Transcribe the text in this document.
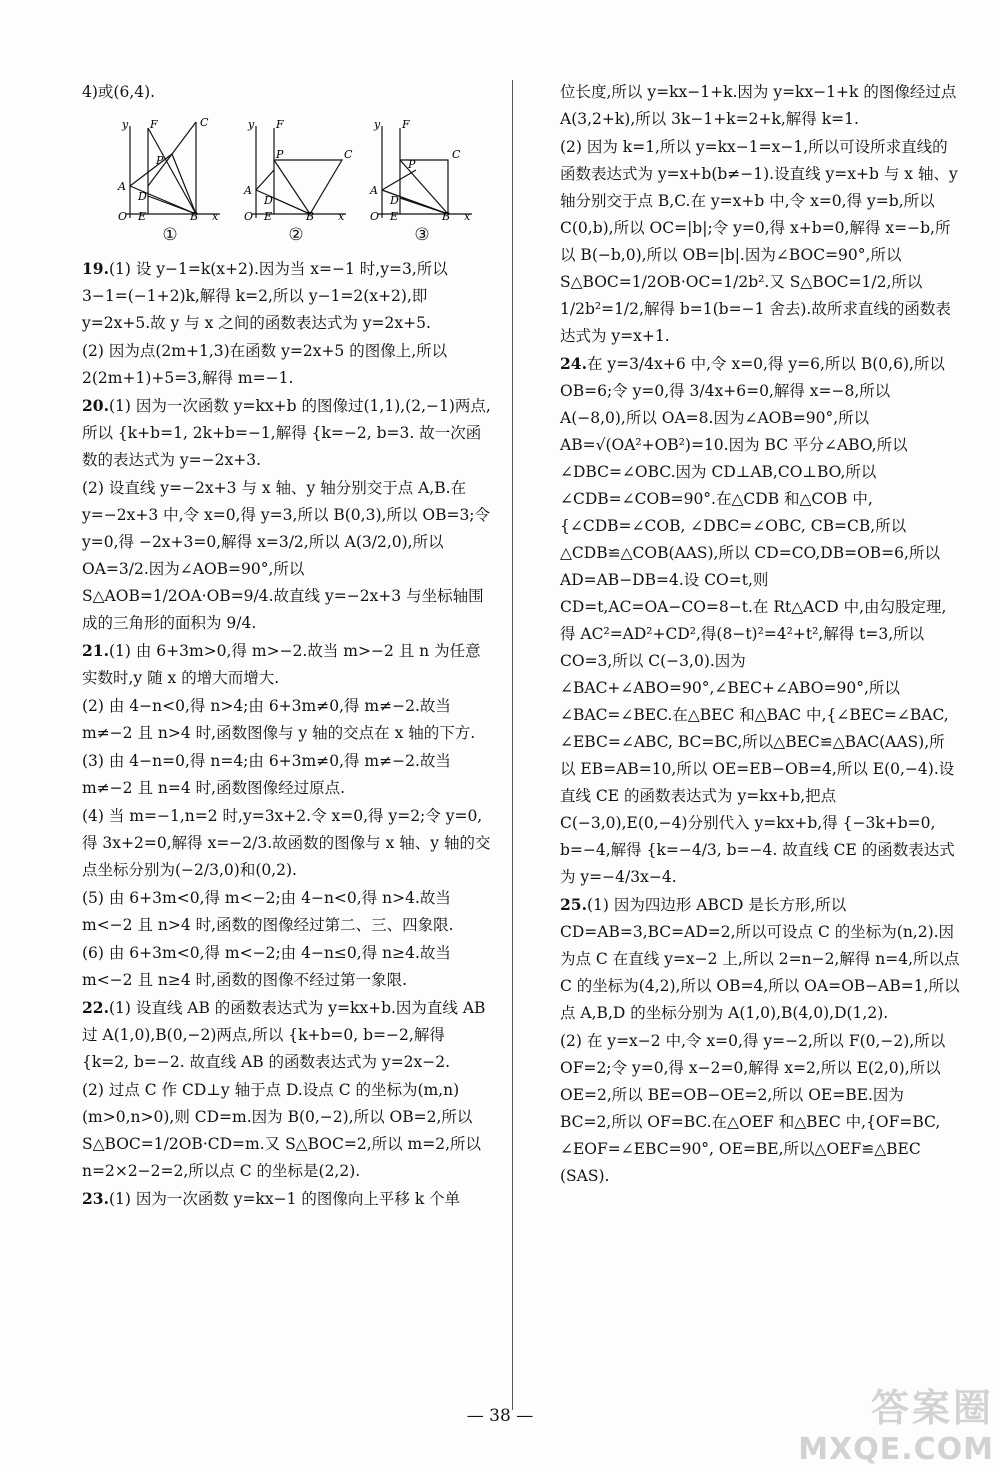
4)或(6,4).

y F	C
P
A
D
O E	B x
①
y F
C
P
A
D
O E	B x
②
y F
C
P
A
D
O E	B x
③

19.(1) 设 y−1=k(x+2).因为当 x=−1 时,y=3,所以 3−1=(−1+2)k,解得 k=2,所以 y−1=2(x+2),即 y=2x+5.故 y 与 x 之间的函数表达式为 y=2x+5.

(2) 因为点(2m+1,3)在函数 y=2x+5 的图像上,所以 2(2m+1)+5=3,解得 m=−1.

20.(1) 因为一次函数 y=kx+b 的图像过(1,1),(2,−1)两点,所以 {k+b=1, 2k+b=−1,解得 {k=−2, b=3. 故一次函数的表达式为 y=−2x+3.

(2) 设直线 y=−2x+3 与 x 轴、y 轴分别交于点 A,B.在 y=−2x+3 中,令 x=0,得 y=3,所以 B(0,3),所以 OB=3;令 y=0,得 −2x+3=0,解得 x=3/2,所以 A(3/2,0),所以 OA=3/2.因为∠AOB=90°,所以 S△AOB=1/2OA·OB=9/4.故直线 y=−2x+3 与坐标轴围成的三角形的面积为 9/4.

21.(1) 由 6+3m>0,得 m>−2.故当 m>−2 且 n 为任意实数时,y 随 x 的增大而增大.

(2) 由 4−n<0,得 n>4;由 6+3m≠0,得 m≠−2.故当 m≠−2 且 n>4 时,函数图像与 y 轴的交点在 x 轴的下方.

(3) 由 4−n=0,得 n=4;由 6+3m≠0,得 m≠−2.故当 m≠−2 且 n=4 时,函数图像经过原点.

(4) 当 m=−1,n=2 时,y=3x+2.令 x=0,得 y=2;令 y=0,得 3x+2=0,解得 x=−2/3.故函数的图像与 x 轴、y 轴的交点坐标分别为(−2/3,0)和(0,2).

(5) 由 6+3m<0,得 m<−2;由 4−n<0,得 n>4.故当 m<−2 且 n>4 时,函数的图像经过第二、三、四象限.

(6) 由 6+3m<0,得 m<−2;由 4−n≤0,得 n≥4.故当 m<−2 且 n≥4 时,函数的图像不经过第一象限.

22.(1) 设直线 AB 的函数表达式为 y=kx+b.因为直线 AB 过 A(1,0),B(0,−2)两点,所以 {k+b=0, b=−2,解得 {k=2, b=−2. 故直线 AB 的函数表达式为 y=2x−2.

(2) 过点 C 作 CD⊥y 轴于点 D.设点 C 的坐标为(m,n)(m>0,n>0),则 CD=m.因为 B(0,−2),所以 OB=2,所以 S△BOC=1/2OB·CD=m.又 S△BOC=2,所以 m=2,所以 n=2×2−2=2,所以点 C 的坐标是(2,2).

23.(1) 因为一次函数 y=kx−1 的图像向上平移 k 个单

位长度,所以 y=kx−1+k.因为 y=kx−1+k 的图像经过点 A(3,2+k),所以 3k−1+k=2+k,解得 k=1.

(2) 因为 k=1,所以 y=kx−1=x−1,所以可设所求直线的函数表达式为 y=x+b(b≠−1).设直线 y=x+b 与 x 轴、y 轴分别交于点 B,C.在 y=x+b 中,令 x=0,得 y=b,所以 C(0,b),所以 OC=|b|;令 y=0,得 x+b=0,解得 x=−b,所以 B(−b,0),所以 OB=|b|.因为∠BOC=90°,所以 S△BOC=1/2OB·OC=1/2b².又 S△BOC=1/2,所以 1/2b²=1/2,解得 b=1(b=−1 舍去).故所求直线的函数表达式为 y=x+1.

24.在 y=3/4x+6 中,令 x=0,得 y=6,所以 B(0,6),所以 OB=6;令 y=0,得 3/4x+6=0,解得 x=−8,所以 A(−8,0),所以 OA=8.因为∠AOB=90°,所以 AB=√(OA²+OB²)=10.因为 BC 平分∠ABO,所以∠DBC=∠OBC.因为 CD⊥AB,CO⊥BO,所以∠CDB=∠COB=90°.在△CDB 和△COB 中,{∠CDB=∠COB, ∠DBC=∠OBC, CB=CB,所以△CDB≌△COB(AAS),所以 CD=CO,DB=OB=6,所以 AD=AB−DB=4.设 CO=t,则 CD=t,AC=OA−CO=8−t.在 Rt△ACD 中,由勾股定理,得 AC²=AD²+CD²,得(8−t)²=4²+t²,解得 t=3,所以 CO=3,所以 C(−3,0).因为∠BAC+∠ABO=90°,∠BEC+∠ABO=90°,所以∠BAC=∠BEC.在△BEC 和△BAC 中,{∠BEC=∠BAC, ∠EBC=∠ABC, BC=BC,所以△BEC≌△BAC(AAS),所以 EB=AB=10,所以 OE=EB−OB=4,所以 E(0,−4).设直线 CE 的函数表达式为 y=kx+b,把点 C(−3,0),E(0,−4)分别代入 y=kx+b,得 {−3k+b=0, b=−4,解得 {k=−4/3, b=−4. 故直线 CE 的函数表达式为 y=−4/3x−4.

25.(1) 因为四边形 ABCD 是长方形,所以 CD=AB=3,BC=AD=2,所以可设点 C 的坐标为(n,2).因为点 C 在直线 y=x−2 上,所以 2=n−2,解得 n=4,所以点 C 的坐标为(4,2),所以 OB=4,所以 OA=OB−AB=1,所以点 A,B,D 的坐标分别为 A(1,0),B(4,0),D(1,2).

(2) 在 y=x−2 中,令 x=0,得 y=−2,所以 F(0,−2),所以 OF=2;令 y=0,得 x−2=0,解得 x=2,所以 E(2,0),所以 OE=2,所以 BE=OB−OE=2,所以 OE=BE.因为 BC=2,所以 OF=BC.在△OEF 和△BEC 中,{OF=BC, ∠EOF=∠EBC=90°, OE=BE,所以△OEF≌△BEC (SAS).

— 38 —	答案圈
MXQE.COM
